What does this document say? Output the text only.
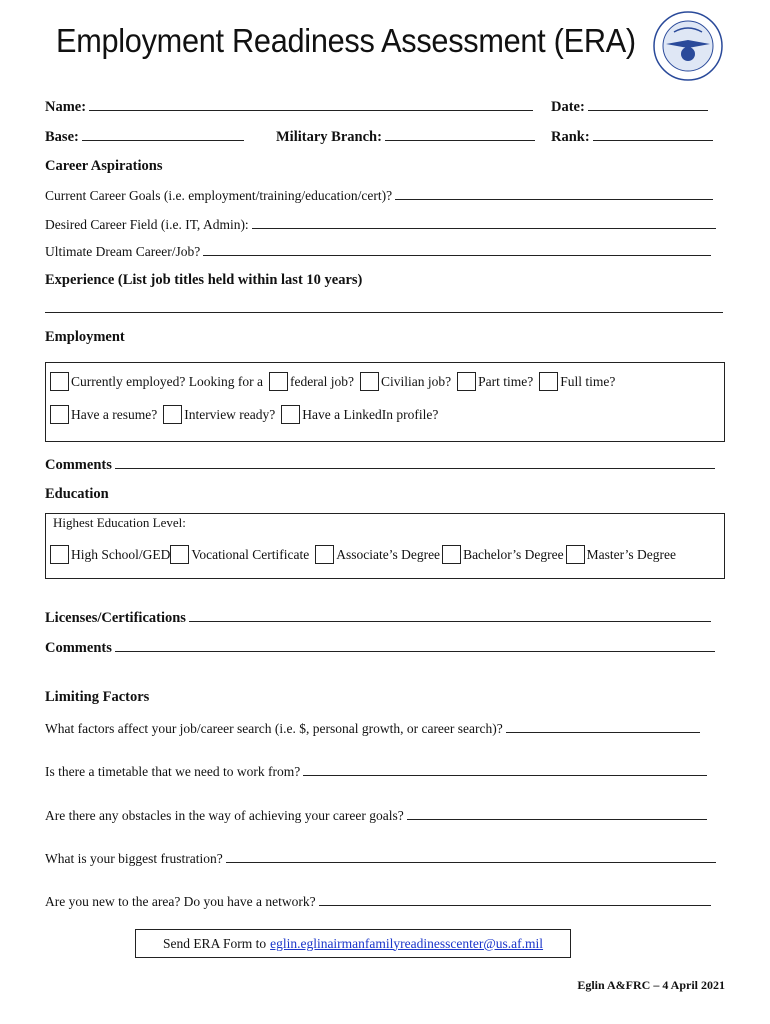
Employment Readiness Assessment (ERA)
Name:	Date:
Base:	Military Branch:	Rank:
Career Aspirations
Current Career Goals (i.e. employment/training/education/cert)?
Desired Career Field (i.e. IT, Admin):
Ultimate Dream Career/Job?
Experience (List job titles held within last 10 years)
Employment
Currently employed? Looking for a federal job? Civilian job? Part time? Full time?
Have a resume? Interview ready? Have a LinkedIn profile?
Comments
Education
Highest Education Level:
High School/GED Vocational Certificate Associate’s Degree Bachelor’s Degree Master’s Degree
Licenses/Certifications
Comments
Limiting Factors
What factors affect your job/career search (i.e. $, personal growth, or career search)?
Is there a timetable that we need to work from?
Are there any obstacles in the way of achieving your career goals?
What is your biggest frustration?
Are you new to the area? Do you have a network?
Send ERA Form to eglin.eglinairmanfamilyreadinesscenter@us.af.mil
Eglin A&FRC – 4 April 2021
